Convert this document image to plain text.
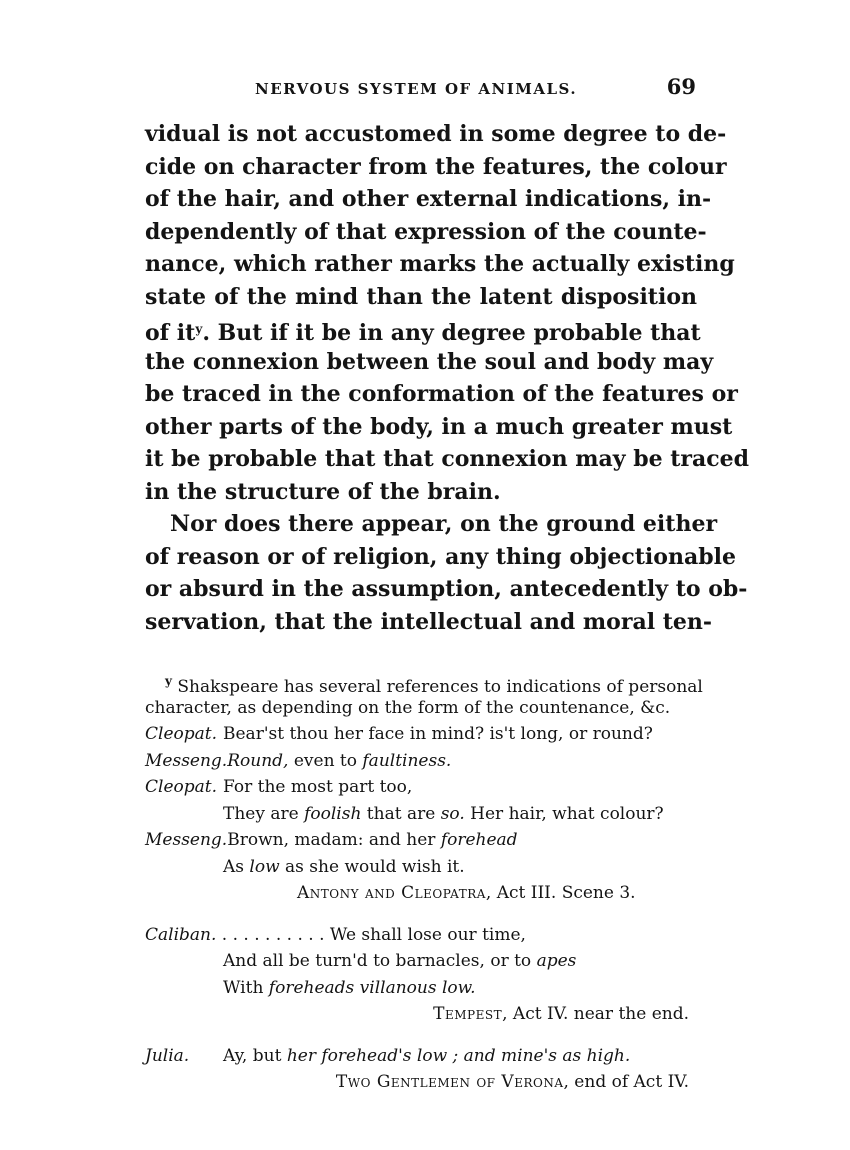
NERVOUS SYSTEM OF ANIMALS.	69
vidual is not accustomed in some degree to de-
cide on character from the features, the colour
of the hair, and other external indications, in-
dependently of that expression of the counte-
nance, which rather marks the actually existing
state of the mind than the latent disposition
of $it^y$. But if it be in any degree probable that
the connexion between the soul and body may
be traced in the conformation of the features or
other parts of the body, in a much greater must
it be probable that that connexion may be traced
in the structure of the brain.
Nor does there appear, on the ground either
of reason or of religion, any thing objectionable
or absurd in the assumption, antecedently to ob-
servation, that the intellectual and moral ten-
$^y$ Shakspeare has several references to indications of personal
character, as depending on the form of the countenance, &c.
Cleopat. Bear'st thou her face in mind? is't long, or round?
Messeng.Round, even to faultiness.
Cleopat. For the most part too,
They are foolish that are so. Her hair, what colour?
Messeng.Brown, madam: and her forehead
As low as she would wish it.
Antony and Cleopatra, Act III. Scene 3.
Caliban. . . . . . . . . . . We shall lose our time,
And all be turn'd to barnacles, or to apes
With foreheads villanous low.
Tempest, Act IV. near the end.
Julia. Ay, but her forehead's low ; and mine's as high.
Two Gentlemen of Verona, end of Act IV.
